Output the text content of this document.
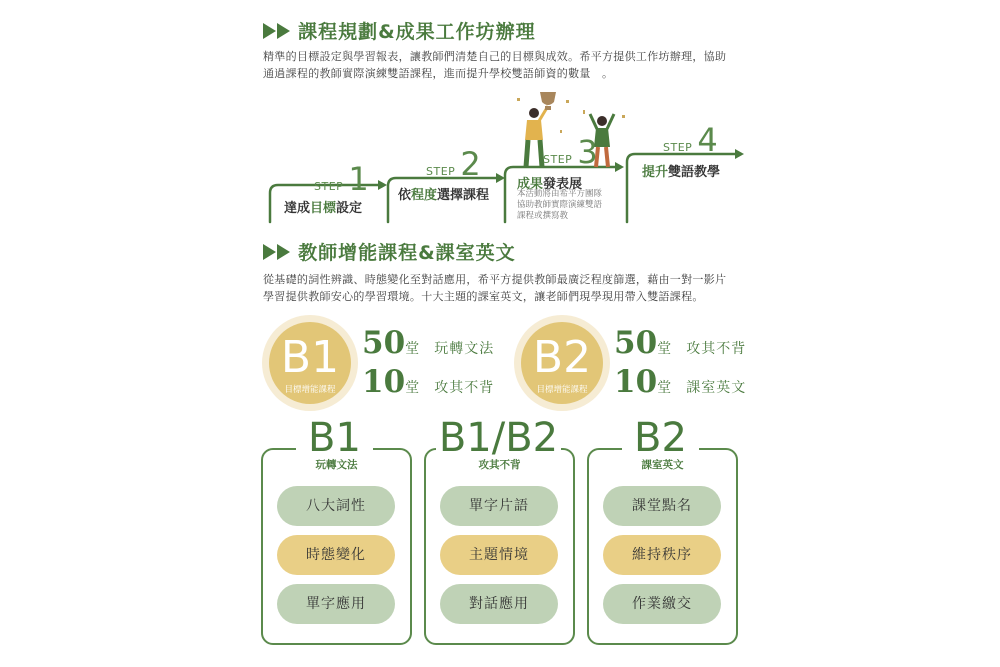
課程規劃&成果工作坊辦理
精準的目標設定與學習報表，讓教師們清楚自己的目標與成效。希平方提供工作坊辦理，協助
通過課程的教師實際演練雙語課程，進而提升學校雙語師資的數量　。
STEP 1
達成目標設定
STEP 2
依程度選擇課程
STEP 3
成果發表展
本活動將由希平方團隊
協助教師實際演練雙語
課程或撰寫教
STEP 4
提升雙語教學
教師增能課程&課室英文
從基礎的詞性辨識、時態變化至對話應用，希平方提供教師最廣泛程度篩選，藉由一對一影片
學習提供教師安心的學習環境。十大主題的課室英文，讓老師們現學現用帶入雙語課程。
B1
目標增能課程
50堂 玩轉文法
10堂 攻其不背
B2
目標增能課程
50堂 攻其不背
10堂 課室英文
B1
玩轉文法
八大詞性
時態變化
單字應用
B1/B2
攻其不背
單字片語
主題情境
對話應用
B2
課室英文
課堂點名
維持秩序
作業繳交
